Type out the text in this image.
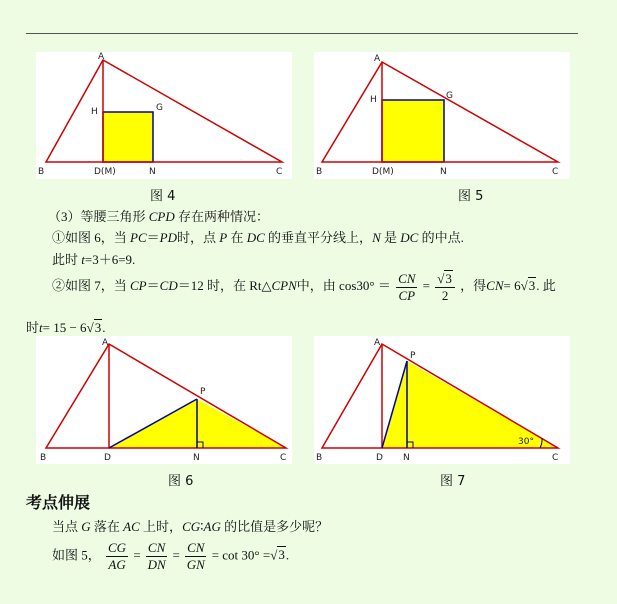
A
B	C
H	G
D(M)	N
图 4
A
B	C
H	G
D(M)	N
图 5
（3）等腰三角形 CPD 存在两种情况：
①如图 6，当 PC＝PD时，点 P 在 DC 的垂直平分线上，N 是 DC 的中点.
此时 t=3＋6=9.
②如图 7，当 CP＝CD＝12 时，在 Rt△CPN中，由 $\cos 30^\circ = \frac{CN}{CP} = \frac{√3}{2}$ ，得CN= 6√3. 此
时t= 15 − 6√3.
A
B	C
D	N
P
图 6
A
B	C
D N
P
30°
图 7
考点伸展
当点 G 落在 AC 上时，CG∶AG 的比值是多少呢？
如图 5， $\frac{CG}{AG} = \frac{CN}{DN} = \frac{CN}{GN} = \cot 30^\circ =√3$.
